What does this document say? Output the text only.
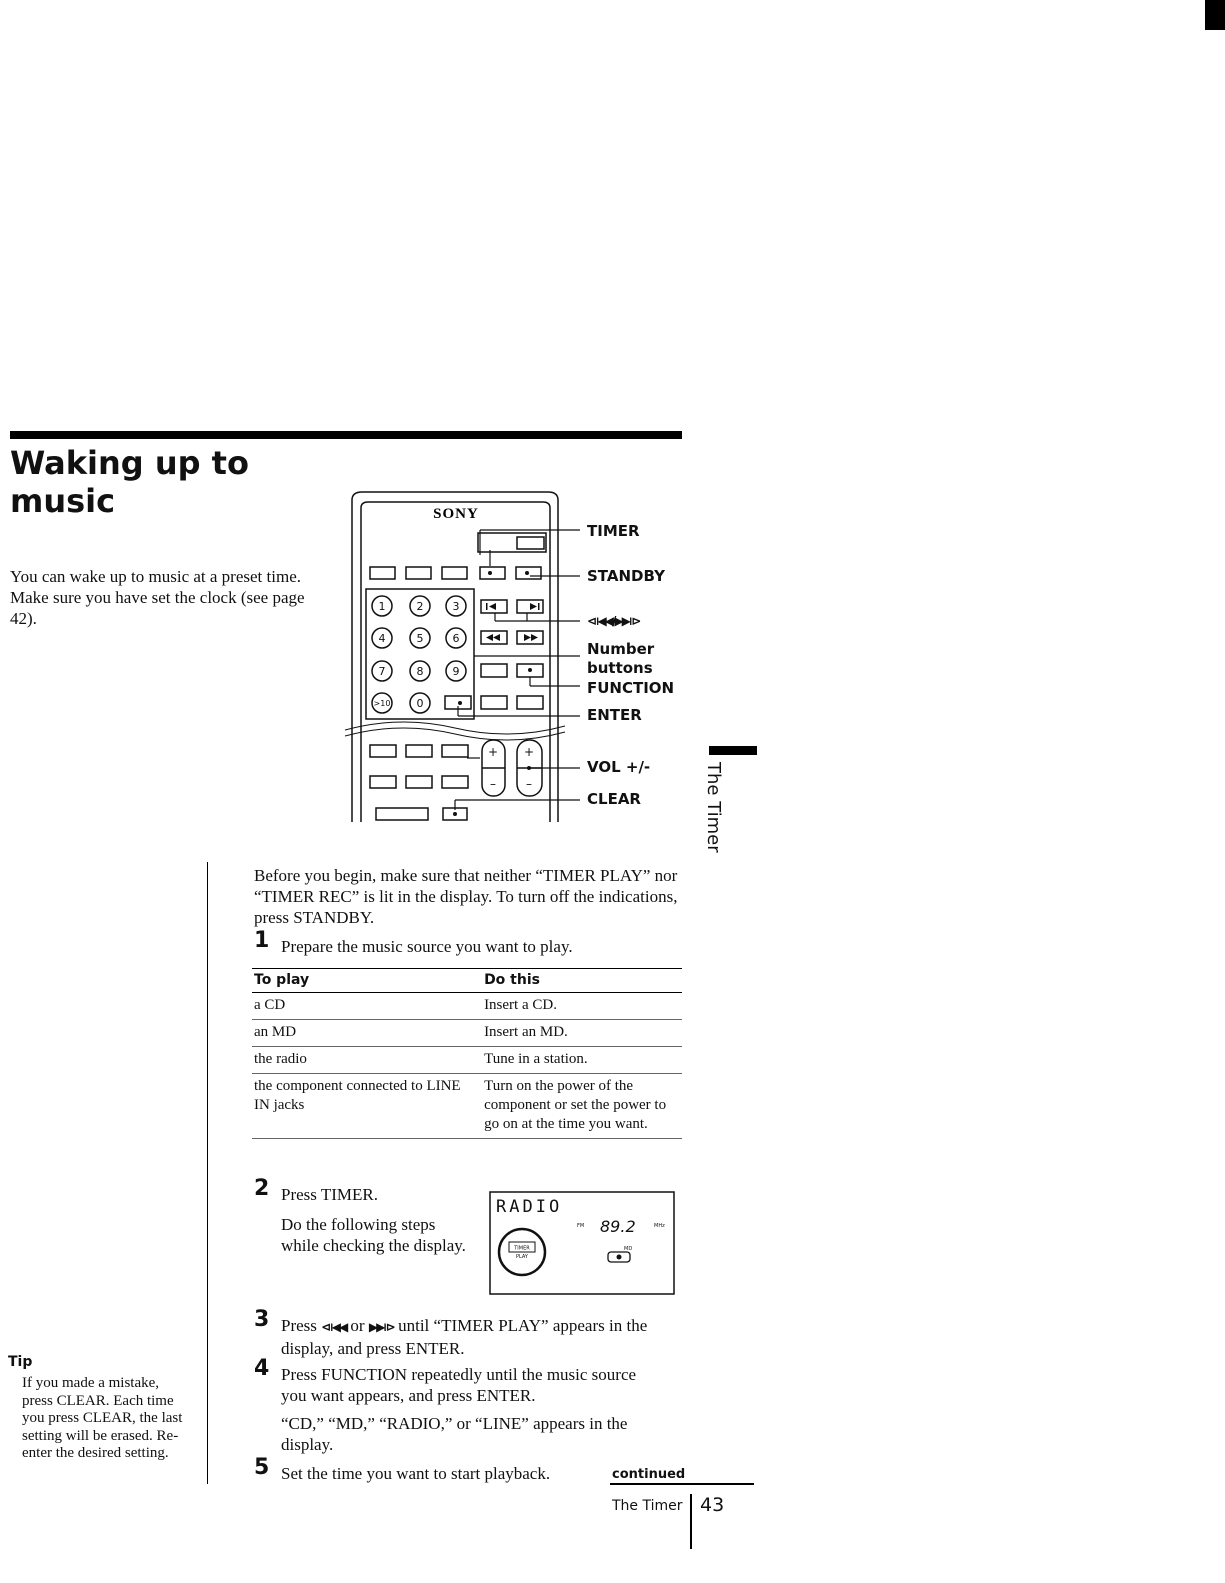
Waking up to music
You can wake up to music at a preset time. Make sure you have set the clock (see page 42).
1	2	3
4	5	6
7	8	9
>10 0
+ +
–	–
SONY
TIMER
STANDBY
⧏◀◀/▶▶⧐
Number buttons
FUNCTION
ENTER
VOL +/-
CLEAR	The Timer
Before you begin, make sure that neither “TIMER PLAY” nor “TIMER REC” is lit in the display. To turn off the indications, press STANDBY.
1 Prepare the music source you want to play.
To play	Do this
a CD	Insert a CD.
an MD	Insert an MD.
the radio	Tune in a station.
the component connected to LINE IN jacks	Turn on the power of the component or set the power to go on at the time you want.
2 Press TIMER.
Do the following steps while checking the display.
RADIO
FM 89.2	MHz
TIMER
PLAY
MD
3 Press ⧏◀◀ or ▶▶⧐ until “TIMER PLAY” appears in the display, and press ENTER.
4 Press FUNCTION repeatedly until the music source you want appears, and press ENTER.
“CD,” “MD,” “RADIO,” or “LINE” appears in the display.
5 Set the time you want to start playback.	continued
Tip
If you made a mistake, press CLEAR. Each time you press CLEAR, the last setting will be erased. Re-enter the desired setting.
The Timer 43
